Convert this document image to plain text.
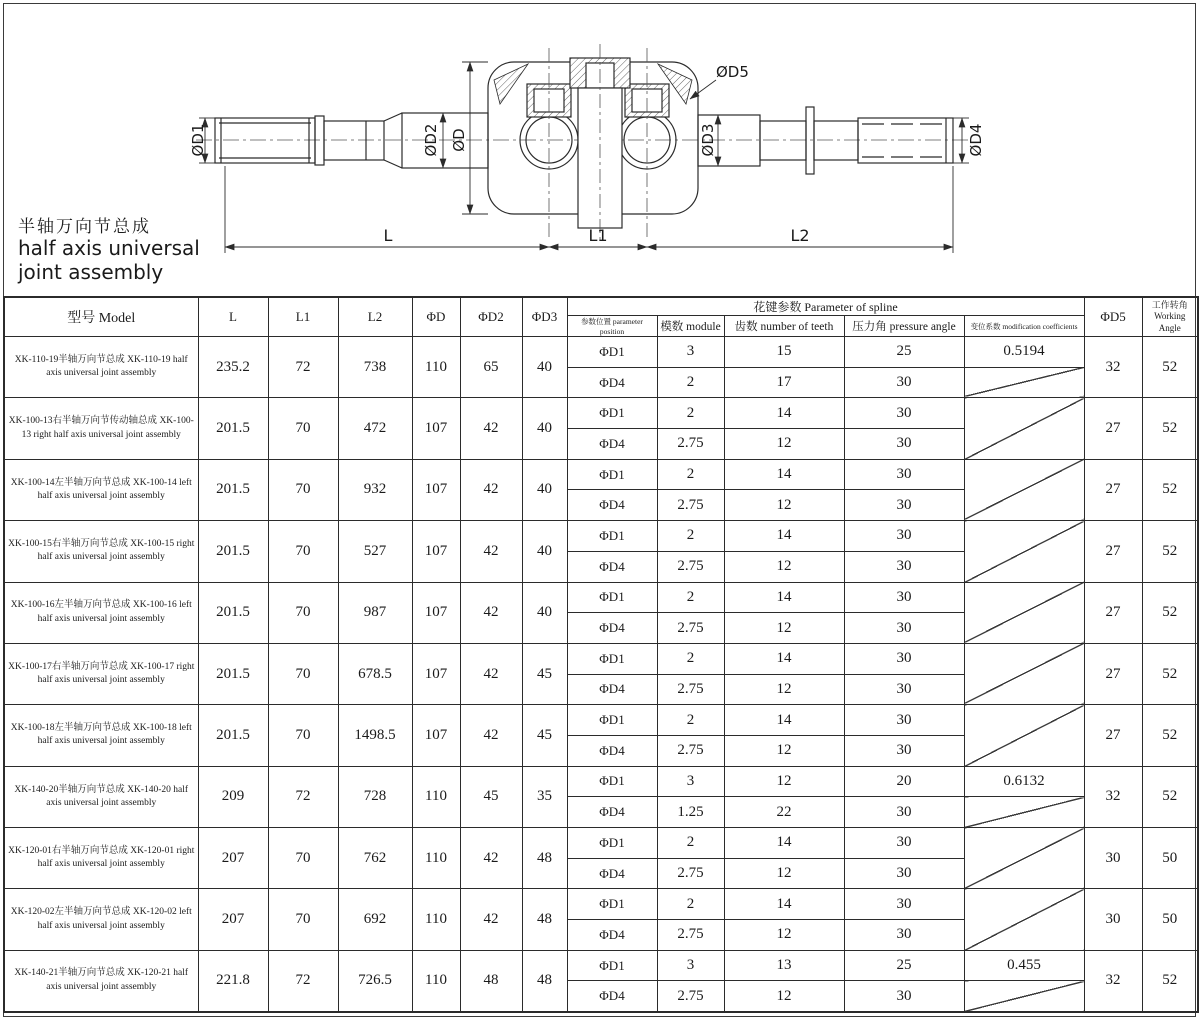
ØD1	ØD2 ØD	ØD3	ØD4
ØD5
L	L1	L2
半轴万向节总成
half axis universal
joint assembly
型号 Model	L	L1	L2	ΦD	ΦD2	ΦD3	花键参数 Parameter of spline					ΦD5	工作转角
Working Angle

							参数位置 parameter position	模数 module	齿数 number of teeth	压力角 pressure angle	变位系数 modification coefficients		
XK-110-19半轴万向节总成 XK-110-19 half axis universal joint assembly	235.2	72	738	110	65	40	ΦD1	3	15	25	0.5194	32	52
							ΦD4	2	17	30			
XK-100-13右半轴万向节传动轴总成 XK-100-13 right half axis universal joint assembly	201.5	70	472	107	42	40	ΦD1	2	14	30		27	52
							ΦD4	2.75	12	30			
XK-100-14左半轴万向节总成 XK-100-14 left half axis universal joint assembly	201.5	70	932	107	42	40	ΦD1	2	14	30		27	52
							ΦD4	2.75	12	30			
XK-100-15右半轴万向节总成 XK-100-15 right half axis universal joint assembly	201.5	70	527	107	42	40	ΦD1	2	14	30		27	52
							ΦD4	2.75	12	30			
XK-100-16左半轴万向节总成 XK-100-16 left half axis universal joint assembly	201.5	70	987	107	42	40	ΦD1	2	14	30		27	52
							ΦD4	2.75	12	30			
XK-100-17右半轴万向节总成 XK-100-17 right half axis universal joint assembly	201.5	70	678.5	107	42	45	ΦD1	2	14	30		27	52
							ΦD4	2.75	12	30			
XK-100-18左半轴万向节总成 XK-100-18 left half axis universal joint assembly	201.5	70	1498.5	107	42	45	ΦD1	2	14	30		27	52
							ΦD4	2.75	12	30			
XK-140-20半轴万向节总成 XK-140-20 half axis universal joint assembly	209	72	728	110	45	35	ΦD1	3	12	20	0.6132	32	52
							ΦD4	1.25	22	30			
XK-120-01右半轴万向节总成 XK-120-01 right half axis universal joint assembly	207	70	762	110	42	48	ΦD1	2	14	30		30	50
							ΦD4	2.75	12	30			
XK-120-02左半轴万向节总成 XK-120-02 left half axis universal joint assembly	207	70	692	110	42	48	ΦD1	2	14	30		30	50
							ΦD4	2.75	12	30			
XK-140-21半轴万向节总成 XK-120-21 half axis universal joint assembly	221.8	72	726.5	110	48	48	ΦD1	3	13	25	0.455	32	52
							ΦD4	2.75	12	30			
